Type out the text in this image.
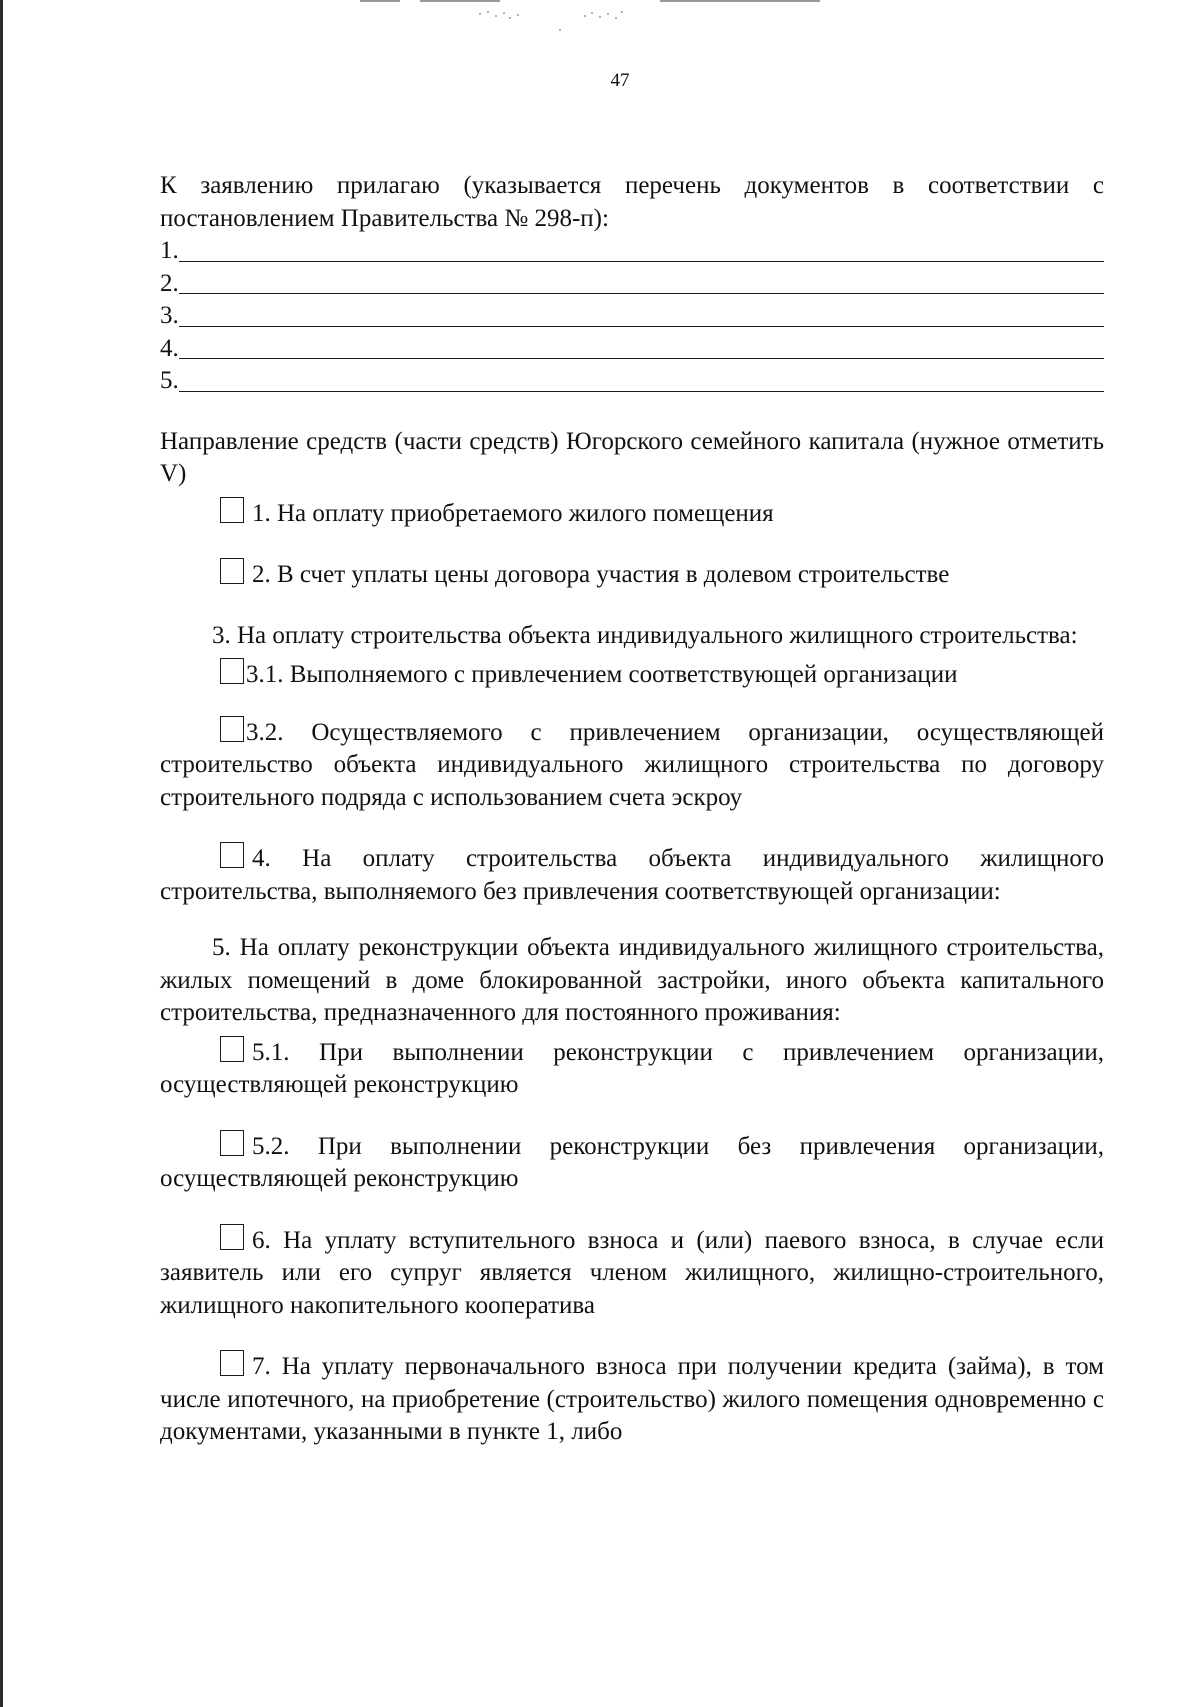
47

К заявлению прилагаю (указывается перечень документов в соответствии с постановлением Правительства № 298-п):

1.
2.
3.
4.
5.

Направление средств (части средств) Югорского семейного капитала (нужное отметить V)

1. На оплату приобретаемого жилого помещения

2. В счет уплаты цены договора участия в долевом строительстве

3. На оплату строительства объекта индивидуального жилищного строительства:

3.1. Выполняемого с привлечением соответствующей организации

3.2. Осуществляемого с привлечением организации, осуществляющей строительство объекта индивидуального жилищного строительства по договору строительного подряда с использованием счета эскроу

4. На оплату строительства объекта индивидуального жилищного строительства, выполняемого без привлечения соответствующей организации:

5. На оплату реконструкции объекта индивидуального жилищного строительства, жилых помещений в доме блокированной застройки, иного объекта капитального строительства, предназначенного для постоянного проживания:

5.1. При выполнении реконструкции с привлечением организации, осуществляющей реконструкцию

5.2. При выполнении реконструкции без привлечения организации, осуществляющей реконструкцию

6. На уплату вступительного взноса и (или) паевого взноса, в случае если заявитель или его супруг является членом жилищного, жилищно-строительного, жилищного накопительного кооператива

7. На уплату первоначального взноса при получении кредита (займа), в том числе ипотечного, на приобретение (строительство) жилого помещения одновременно с документами, указанными в пункте 1, либо
